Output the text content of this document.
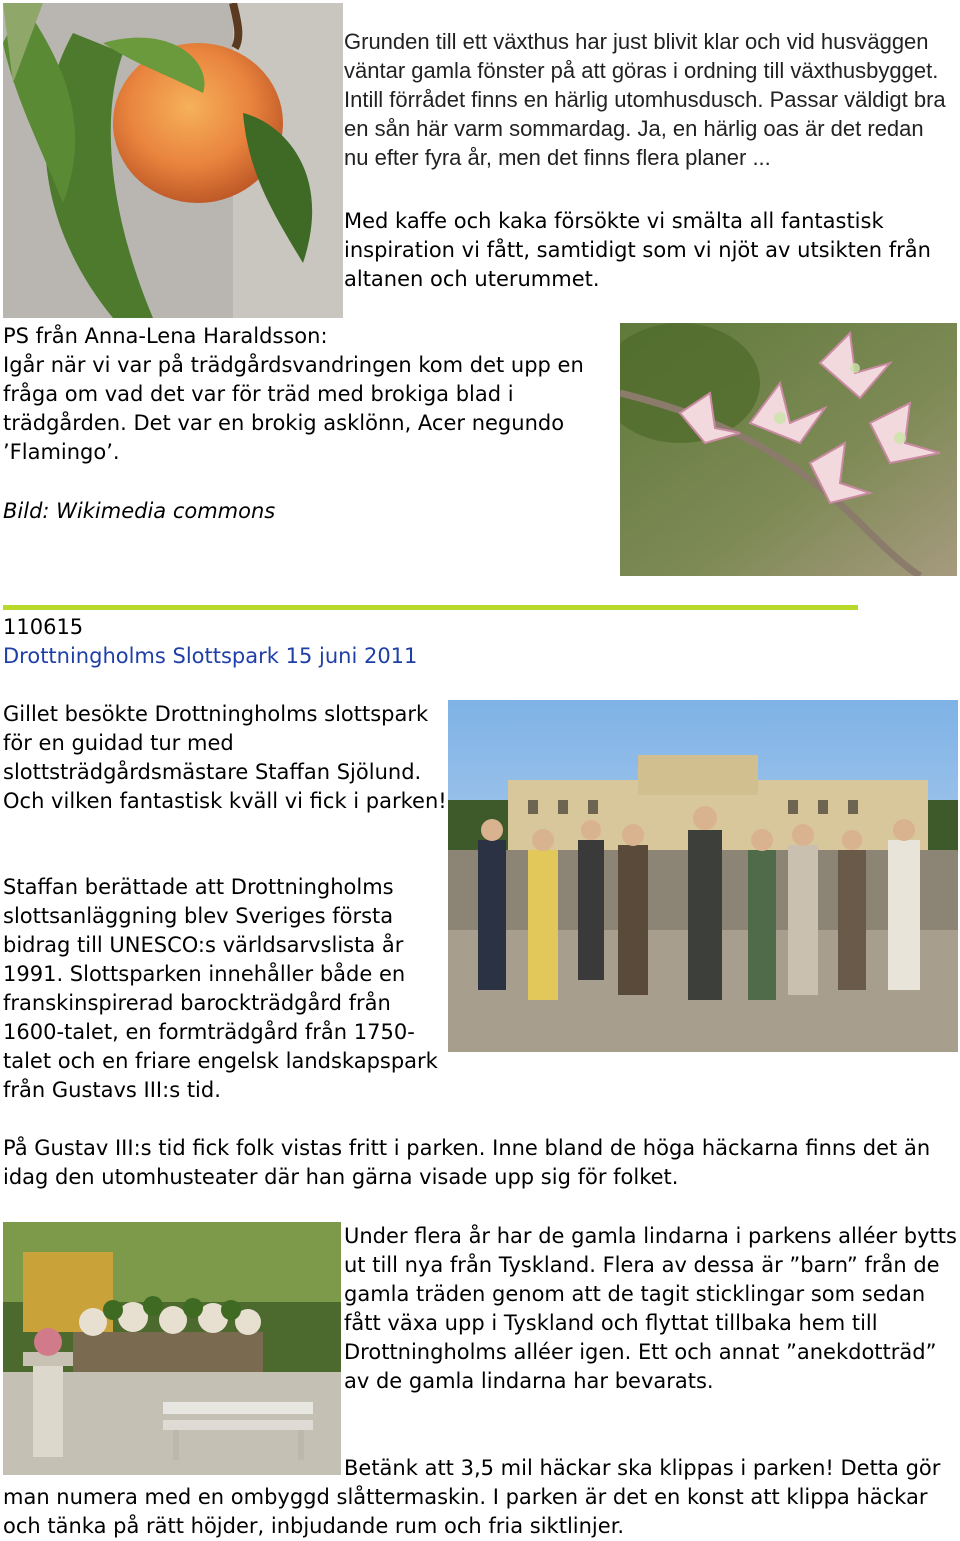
Grunden till ett växthus har just blivit klar och vid husväggen väntar gamla fönster på att göras i ordning till växthusbygget. Intill förrådet finns en härlig utomhusdusch. Passar väldigt bra en sån här varm sommardag. Ja, en härlig oas är det redan nu efter fyra år, men det finns flera planer ...

Med kaffe och kaka försökte vi smälta all fantastisk inspiration vi fått, samtidigt som vi njöt av utsikten från altanen och uterummet.

PS från Anna-Lena Haraldsson:

Igår när vi var på trädgårdsvandringen kom det upp en fråga om vad det var för träd med brokiga blad i trädgården. Det var en brokig asklönn, Acer negundo ’Flamingo’.

Bild: Wikimedia commons

110615

Drottningholms Slottspark 15 juni 2011

Gillet besökte Drottningholms slottspark för en guidad tur med slottsträdgårdsmästare Staffan Sjölund. Och vilken fantastisk kväll vi fick i parken!

Staffan berättade att Drottningholms slottsanläggning blev Sveriges första bidrag till UNESCO:s världsarvslista år 1991. Slottsparken innehåller både en franskinspirerad barockträdgård från 1600-talet, en formträdgård från 1750-talet och en friare engelsk landskapspark från Gustavs III:s tid.

På Gustav III:s tid fick folk vistas fritt i parken. Inne bland de höga häckarna finns det än idag den utomhusteater där han gärna visade upp sig för folket.

Under flera år har de gamla lindarna i parkens alléer bytts ut till nya från Tyskland. Flera av dessa är ”barn” från de gamla träden genom att de tagit sticklingar som sedan fått växa upp i Tyskland och flyttat tillbaka hem till Drottningholms alléer igen. Ett och annat ”anekdotträd” av de gamla lindarna har bevarats.

Betänk att 3,5 mil häckar ska klippas i parken! Detta gör man numera med en ombyggd slåttermaskin. I parken är det en konst att klippa häckar och tänka på rätt höjder, inbjudande rum och fria siktlinjer.
